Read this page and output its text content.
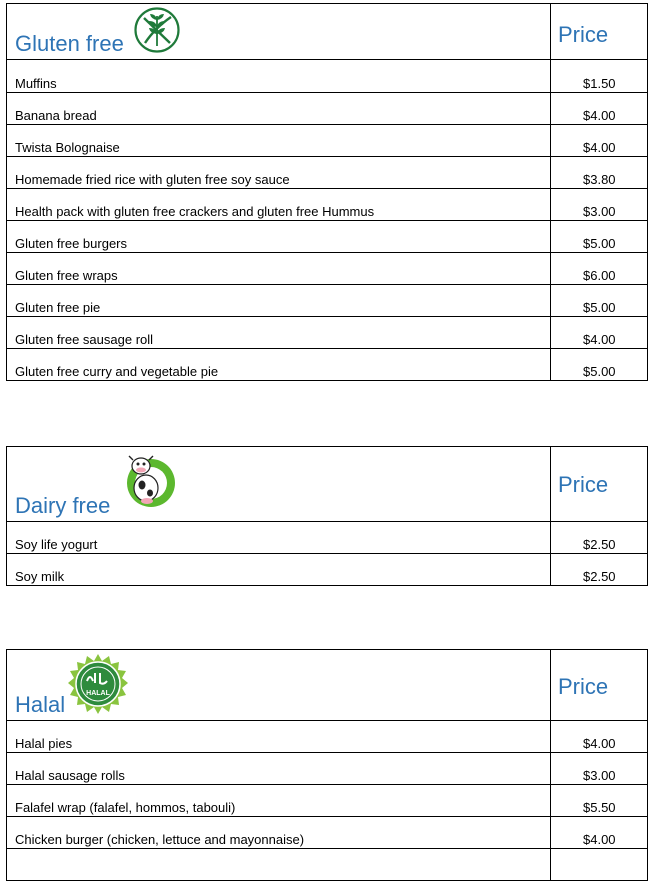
Gluten free	Price

Muffins	$1.50

Banana bread	$4.00

Twista Bolognaise	$4.00

Homemade fried rice with gluten free soy sauce	$3.80

Health pack with gluten free crackers and gluten free Hummus	$3.00

Gluten free burgers	$5.00

Gluten free wraps	$6.00

Gluten free pie	$5.00

Gluten free sausage roll	$4.00

Gluten free curry and vegetable pie	$5.00
Dairy free	Price

Soy life yogurt	$2.50

Soy milk	$2.50
Halal HALAL	Price

Halal pies	$4.00

Halal sausage rolls	$3.00

Falafel wrap (falafel, hommos, tabouli)	$5.50

Chicken burger (chicken, lettuce and mayonnaise)	$4.00
